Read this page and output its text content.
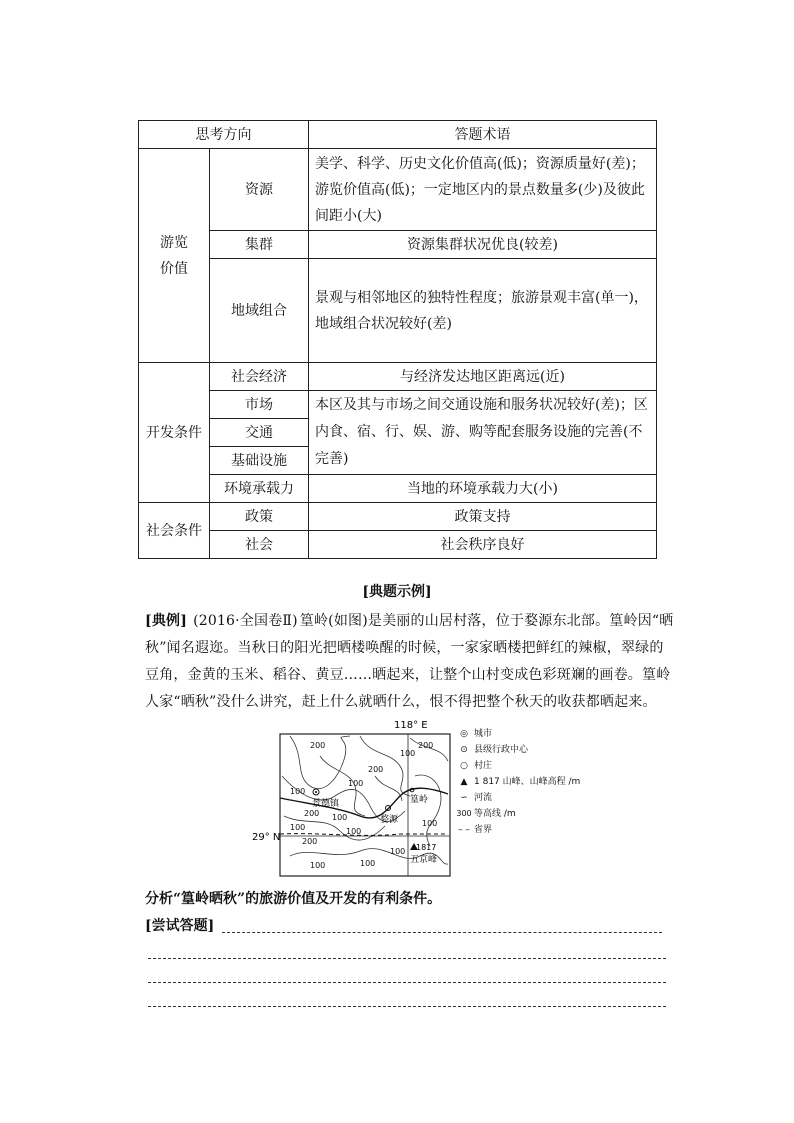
思考方向		答题术语
游览价值	资源	美学、科学、历史文化价值高(低)；资源质量好(差)；游览价值高(低)；一定地区内的景点数量多(少)及彼此间距小(大)
	集群	资源集群状况优良(较差)
	地域组合	景观与相邻地区的独特性程度；旅游景观丰富(单一)，地域组合状况较好(差)
开发条件	社会经济	与经济发达地区距离远(近)
	市场	本区及其与市场之间交通设施和服务状况较好(差)；区内食、宿、行、娱、游、购等配套服务设施的完善(不完善)
	交通	
	基础设施	
	环境承载力	当地的环境承载力大(小)
社会条件	政策	政策支持
	社会	社会秩序良好
[典题示例]
[典例] (2016·全国卷Ⅱ) 篁岭(如图)是美丽的山居村落，位于婺源东北部。篁岭因“晒秋”闻名遐迩。当秋日的阳光把晒楼唤醒的时候，一家家晒楼把鲜红的辣椒，翠绿的豆角，金黄的玉米、稻谷、黄豆……晒起来，让整个山村变成色彩斑斓的画卷。篁岭人家“晒秋”没什么讲究，赶上什么就晒什么，恨不得把整个秋天的收获都晒起来。
118° E
29° N
200
100
200
100
100
200
100
200 100
100
200
100
100	100
100
景德镇
婺源
篁岭
1817
五京峰
◎ 城市
⊙ 县级行政中心
○ 村庄
▲ 1 817 山峰、山峰高程 /m
∽ 河流
300 等高线 /m
– – 省界
分析“篁岭晒秋”的旅游价值及开发的有利条件。
[尝试答题]
